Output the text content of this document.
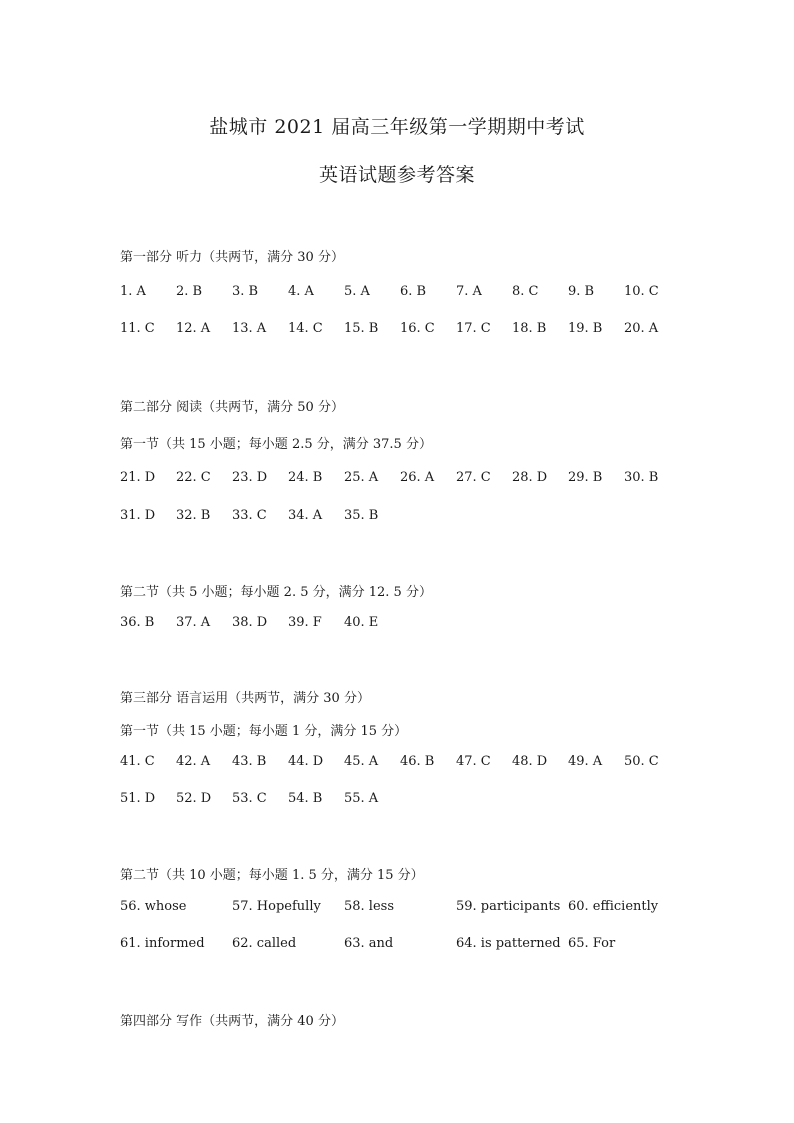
盐城市 2021 届高三年级第一学期期中考试
英语试题参考答案
第一部分 听力（共两节，满分 30 分）
1. A 2. B 3. B 4. A 5. A 6. B 7. A 8. C 9. B 10. C
11. C 12. A 13. A 14. C 15. B 16. C 17. C 18. B 19. B 20. A
第二部分 阅读（共两节，满分 50 分）
第一节（共 15 小题；每小题 2.5 分，满分 37.5 分）
21. D 22. C 23. D 24. B 25. A 26. A 27. C 28. D 29. B 30. B
31. D 32. B 33. C 34. A 35. B
第二节（共 5 小题；每小题 2. 5 分，满分 12. 5 分）
36. B 37. A 38. D 39. F 40. E
第三部分 语言运用（共两节，满分 30 分）
第一节（共 15 小题；每小题 1 分，满分 15 分）
41. C 42. A 43. B 44. D 45. A 46. B 47. C 48. D 49. A 50. C
51. D 52. D 53. C 54. B 55. A
第二节（共 10 小题；每小题 1. 5 分，满分 15 分）
56. whose	57. Hopefully 58. less	59. participants 60. efficiently
61. informed 62. called	63. and	64. is patterned 65. For
第四部分 写作（共两节，满分 40 分）
